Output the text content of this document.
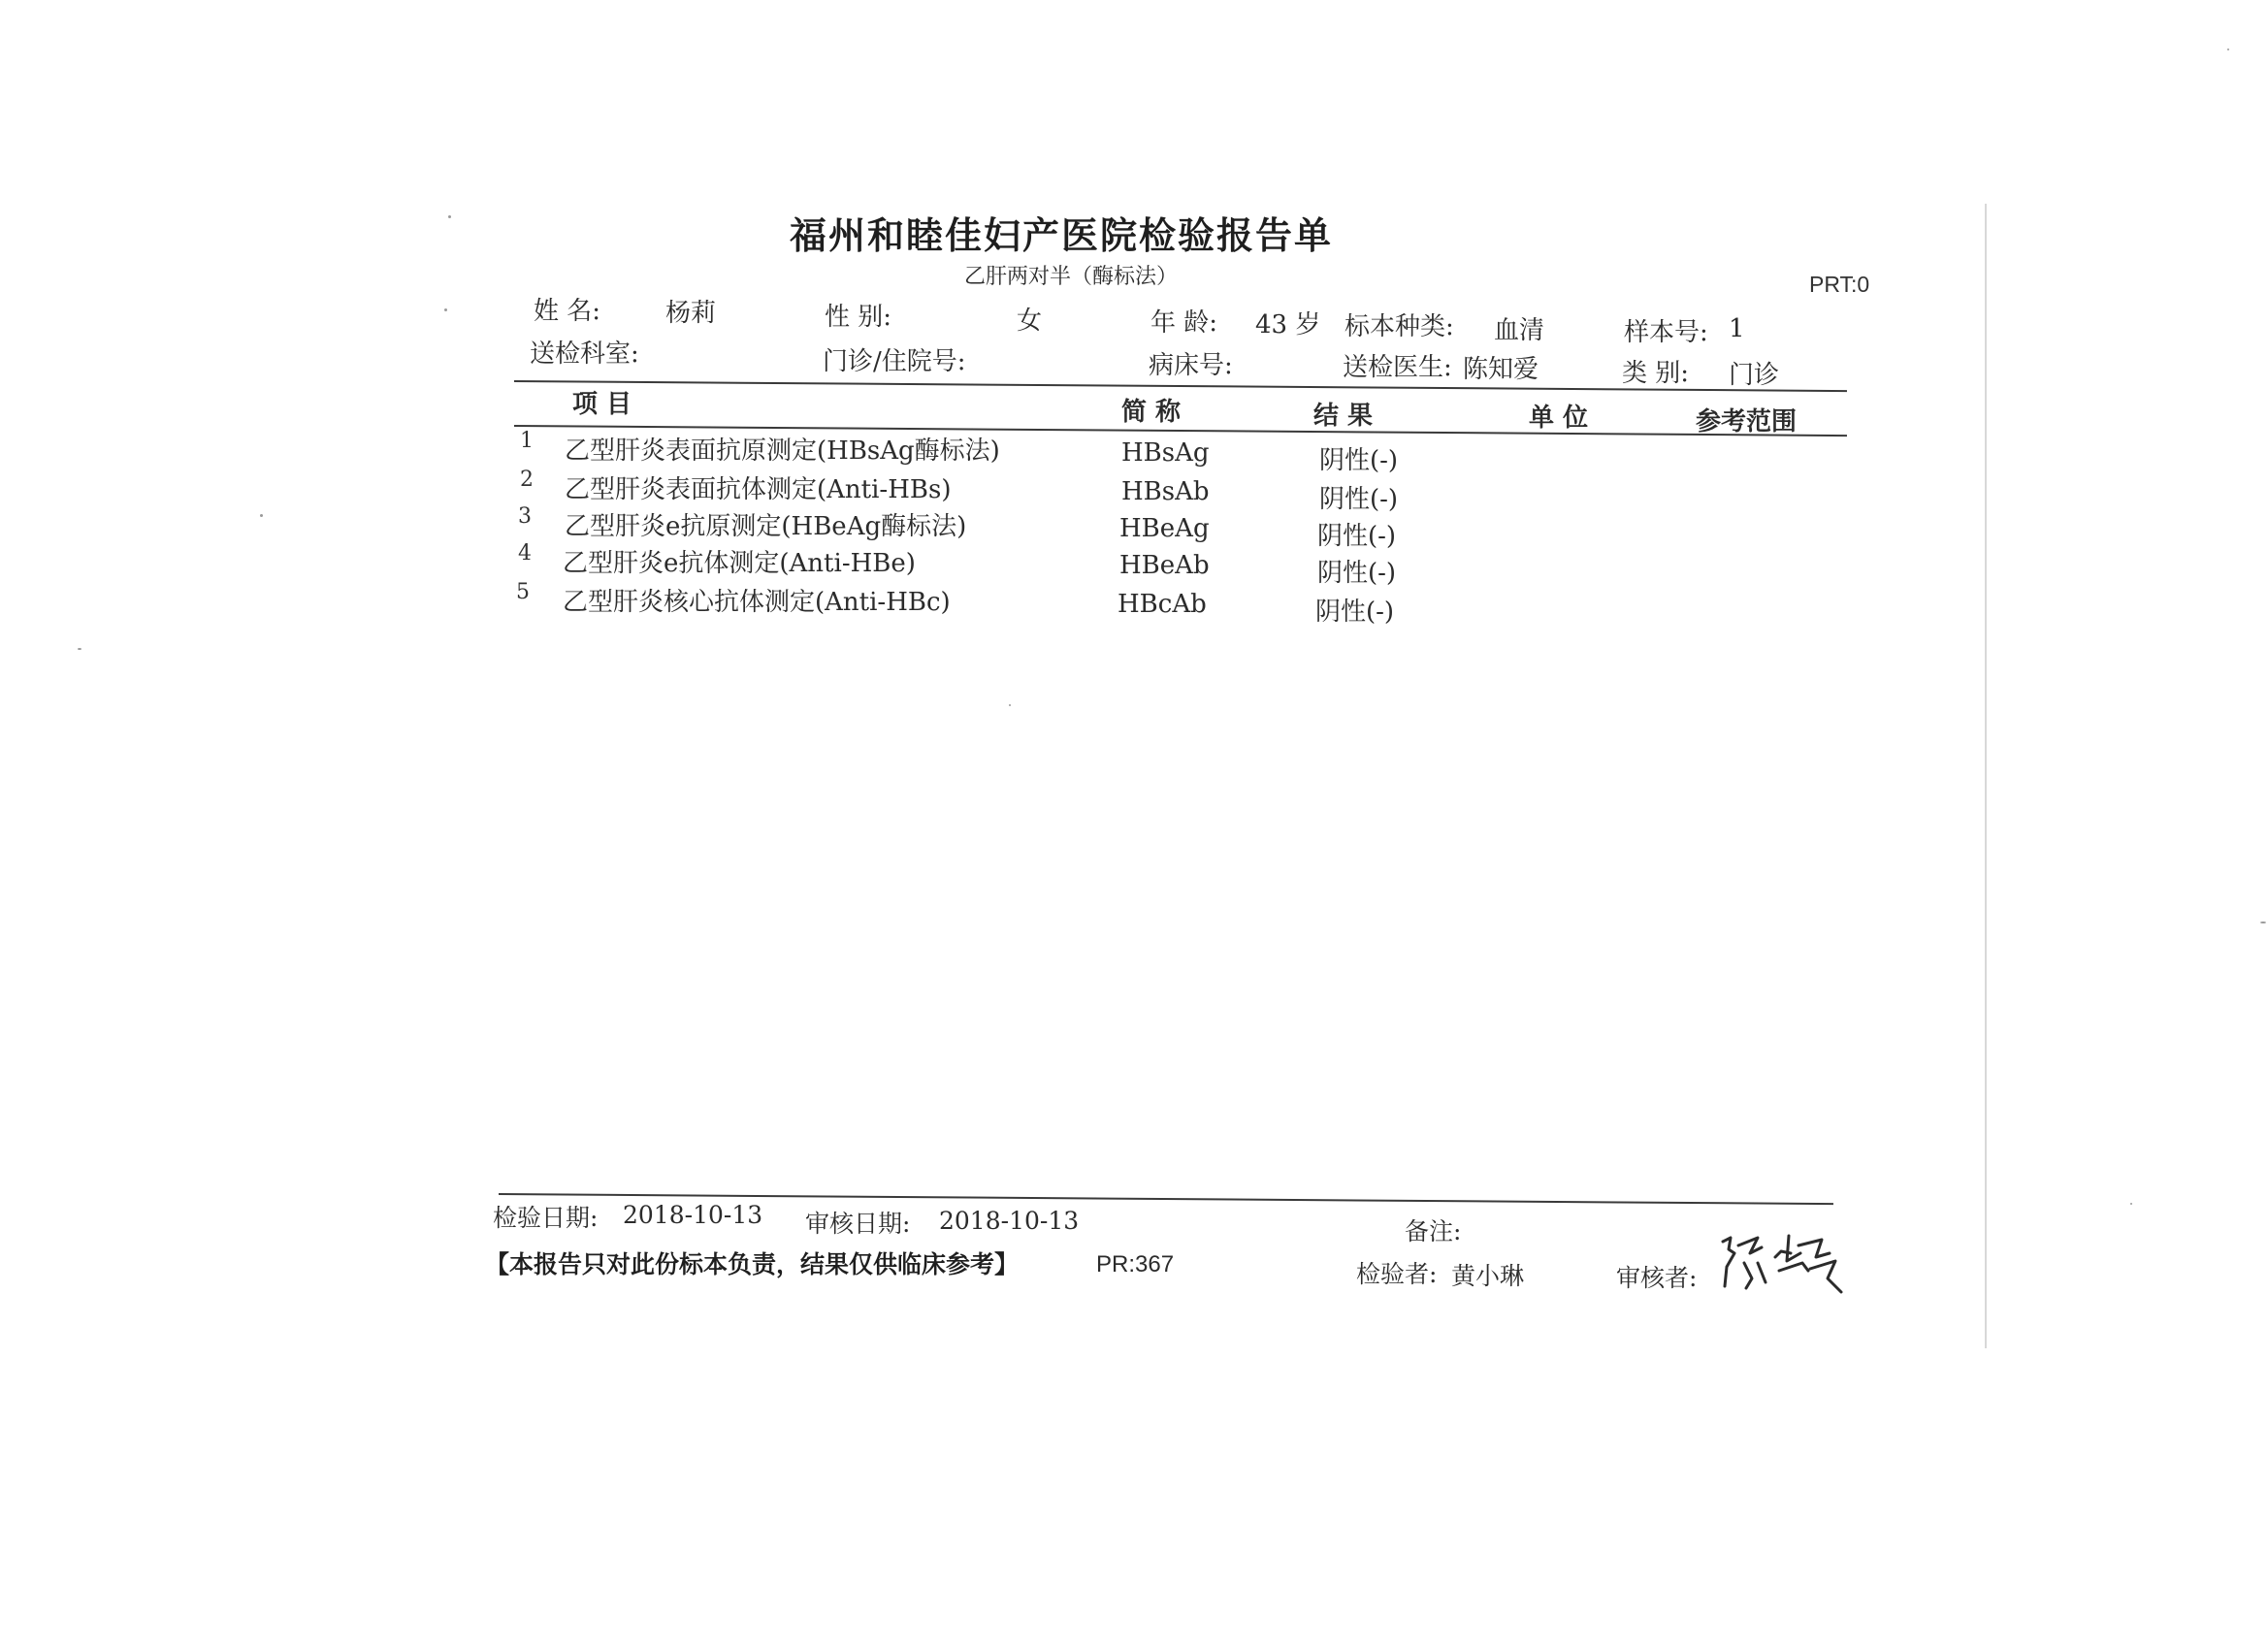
福州和睦佳妇产医院检验报告单
乙肝两对半（酶标法）	PRT:0
姓 名:	杨莉	性 别:	女	年 龄: 43 岁 标本种类: 血清	样本号: 1
送检科室:	门诊/住院号:	病床号:	送检医生: 陈知爱	类 别: 门诊
项 目	简 称	结 果	单 位	参考范围
1 乙型肝炎表面抗原测定(HBsAg酶标法)	HBsAg	阴性(-)
2 乙型肝炎表面抗体测定(Anti-HBs)	HBsAb	阴性(-)
3 乙型肝炎e抗原测定(HBeAg酶标法)	HBeAg	阴性(-)
4 乙型肝炎e抗体测定(Anti-HBe)	HBeAb	阴性(-)
5 乙型肝炎核心抗体测定(Anti-HBc)	HBcAb	阴性(-)
检验日期: 2018-10-13 审核日期: 2018-10-13	备注:
【本报告只对此份标本负责，结果仅供临床参考】	PR:367	检验者: 黄小琳	审核者:
